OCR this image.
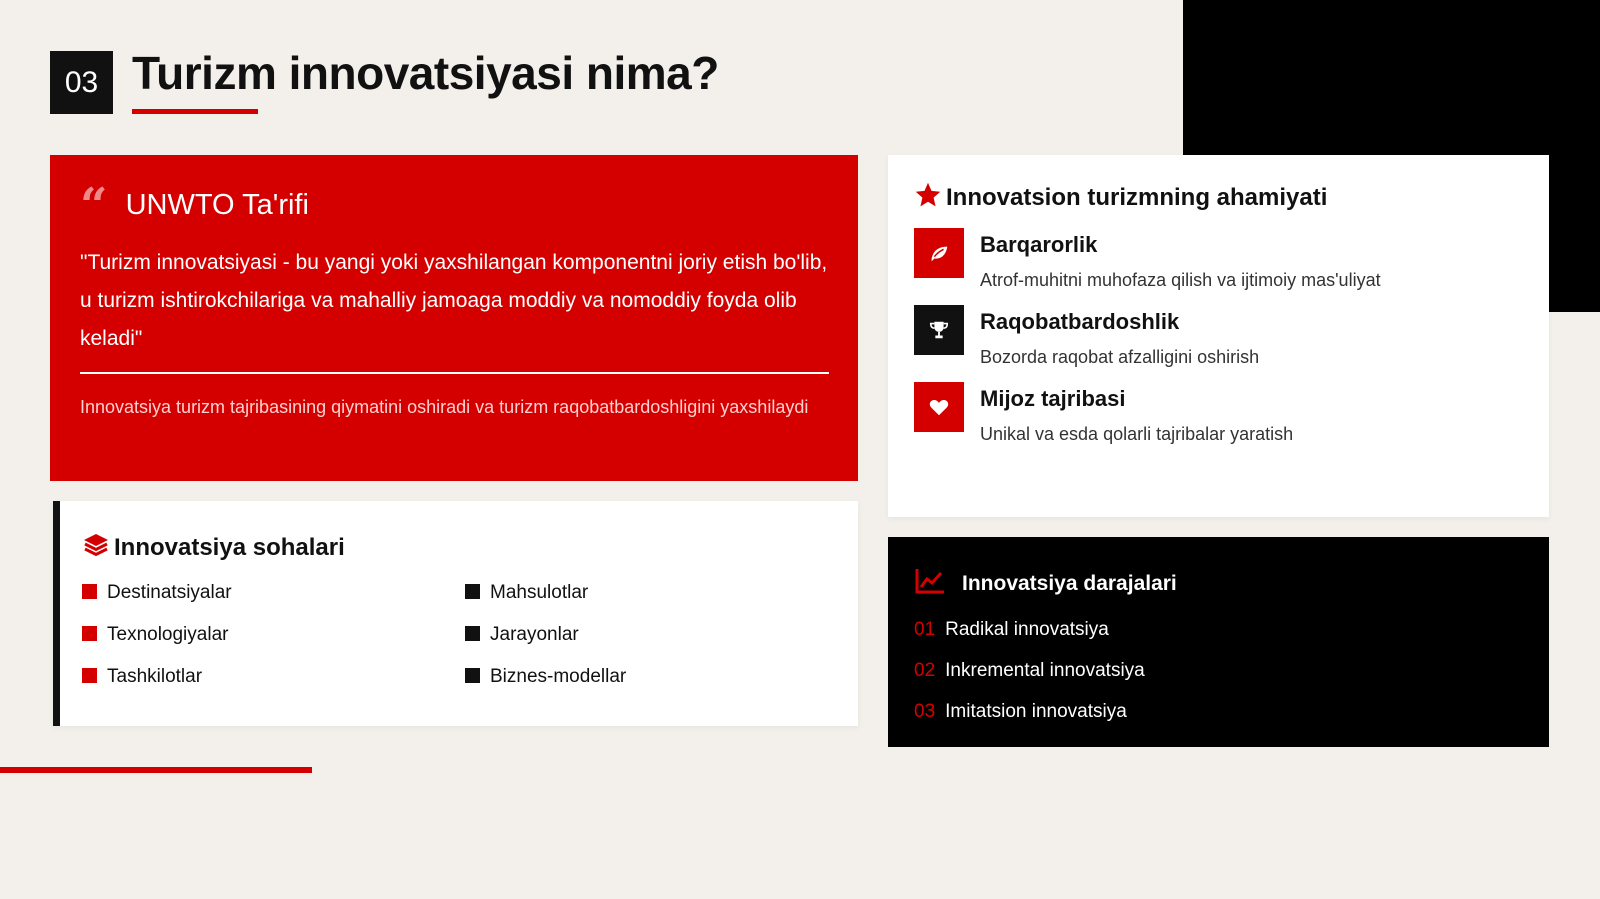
03 Turizm innovatsiyasi nima?
“ UNWTO Ta'rifi

"Turizm innovatsiyasi - bu yangi yoki yaxshilangan komponentni joriy etish bo'lib, u turizm ishtirokchilariga va mahalliy jamoaga moddiy va nomoddiy foyda olib keladi"

Innovatsiya turizm tajribasining qiymatini oshiradi va turizm raqobatbardoshligini yaxshilaydi

Innovatsiya sohalari
Destinatsiyalar	Mahsulotlar
Texnologiyalar	Jarayonlar
Tashkilotlar	Biznes-modellar
Innovatsion turizmning ahamiyati
Barqarorlik
Atrof-muhitni muhofaza qilish va ijtimoiy mas'uliyat
Raqobatbardoshlik
Bozorda raqobat afzalligini oshirish
Mijoz tajribasi
Unikal va esda qolarli tajribalar yaratish
Innovatsiya darajalari
01 Radikal innovatsiya
02 Inkremental innovatsiya
03 Imitatsion innovatsiya
